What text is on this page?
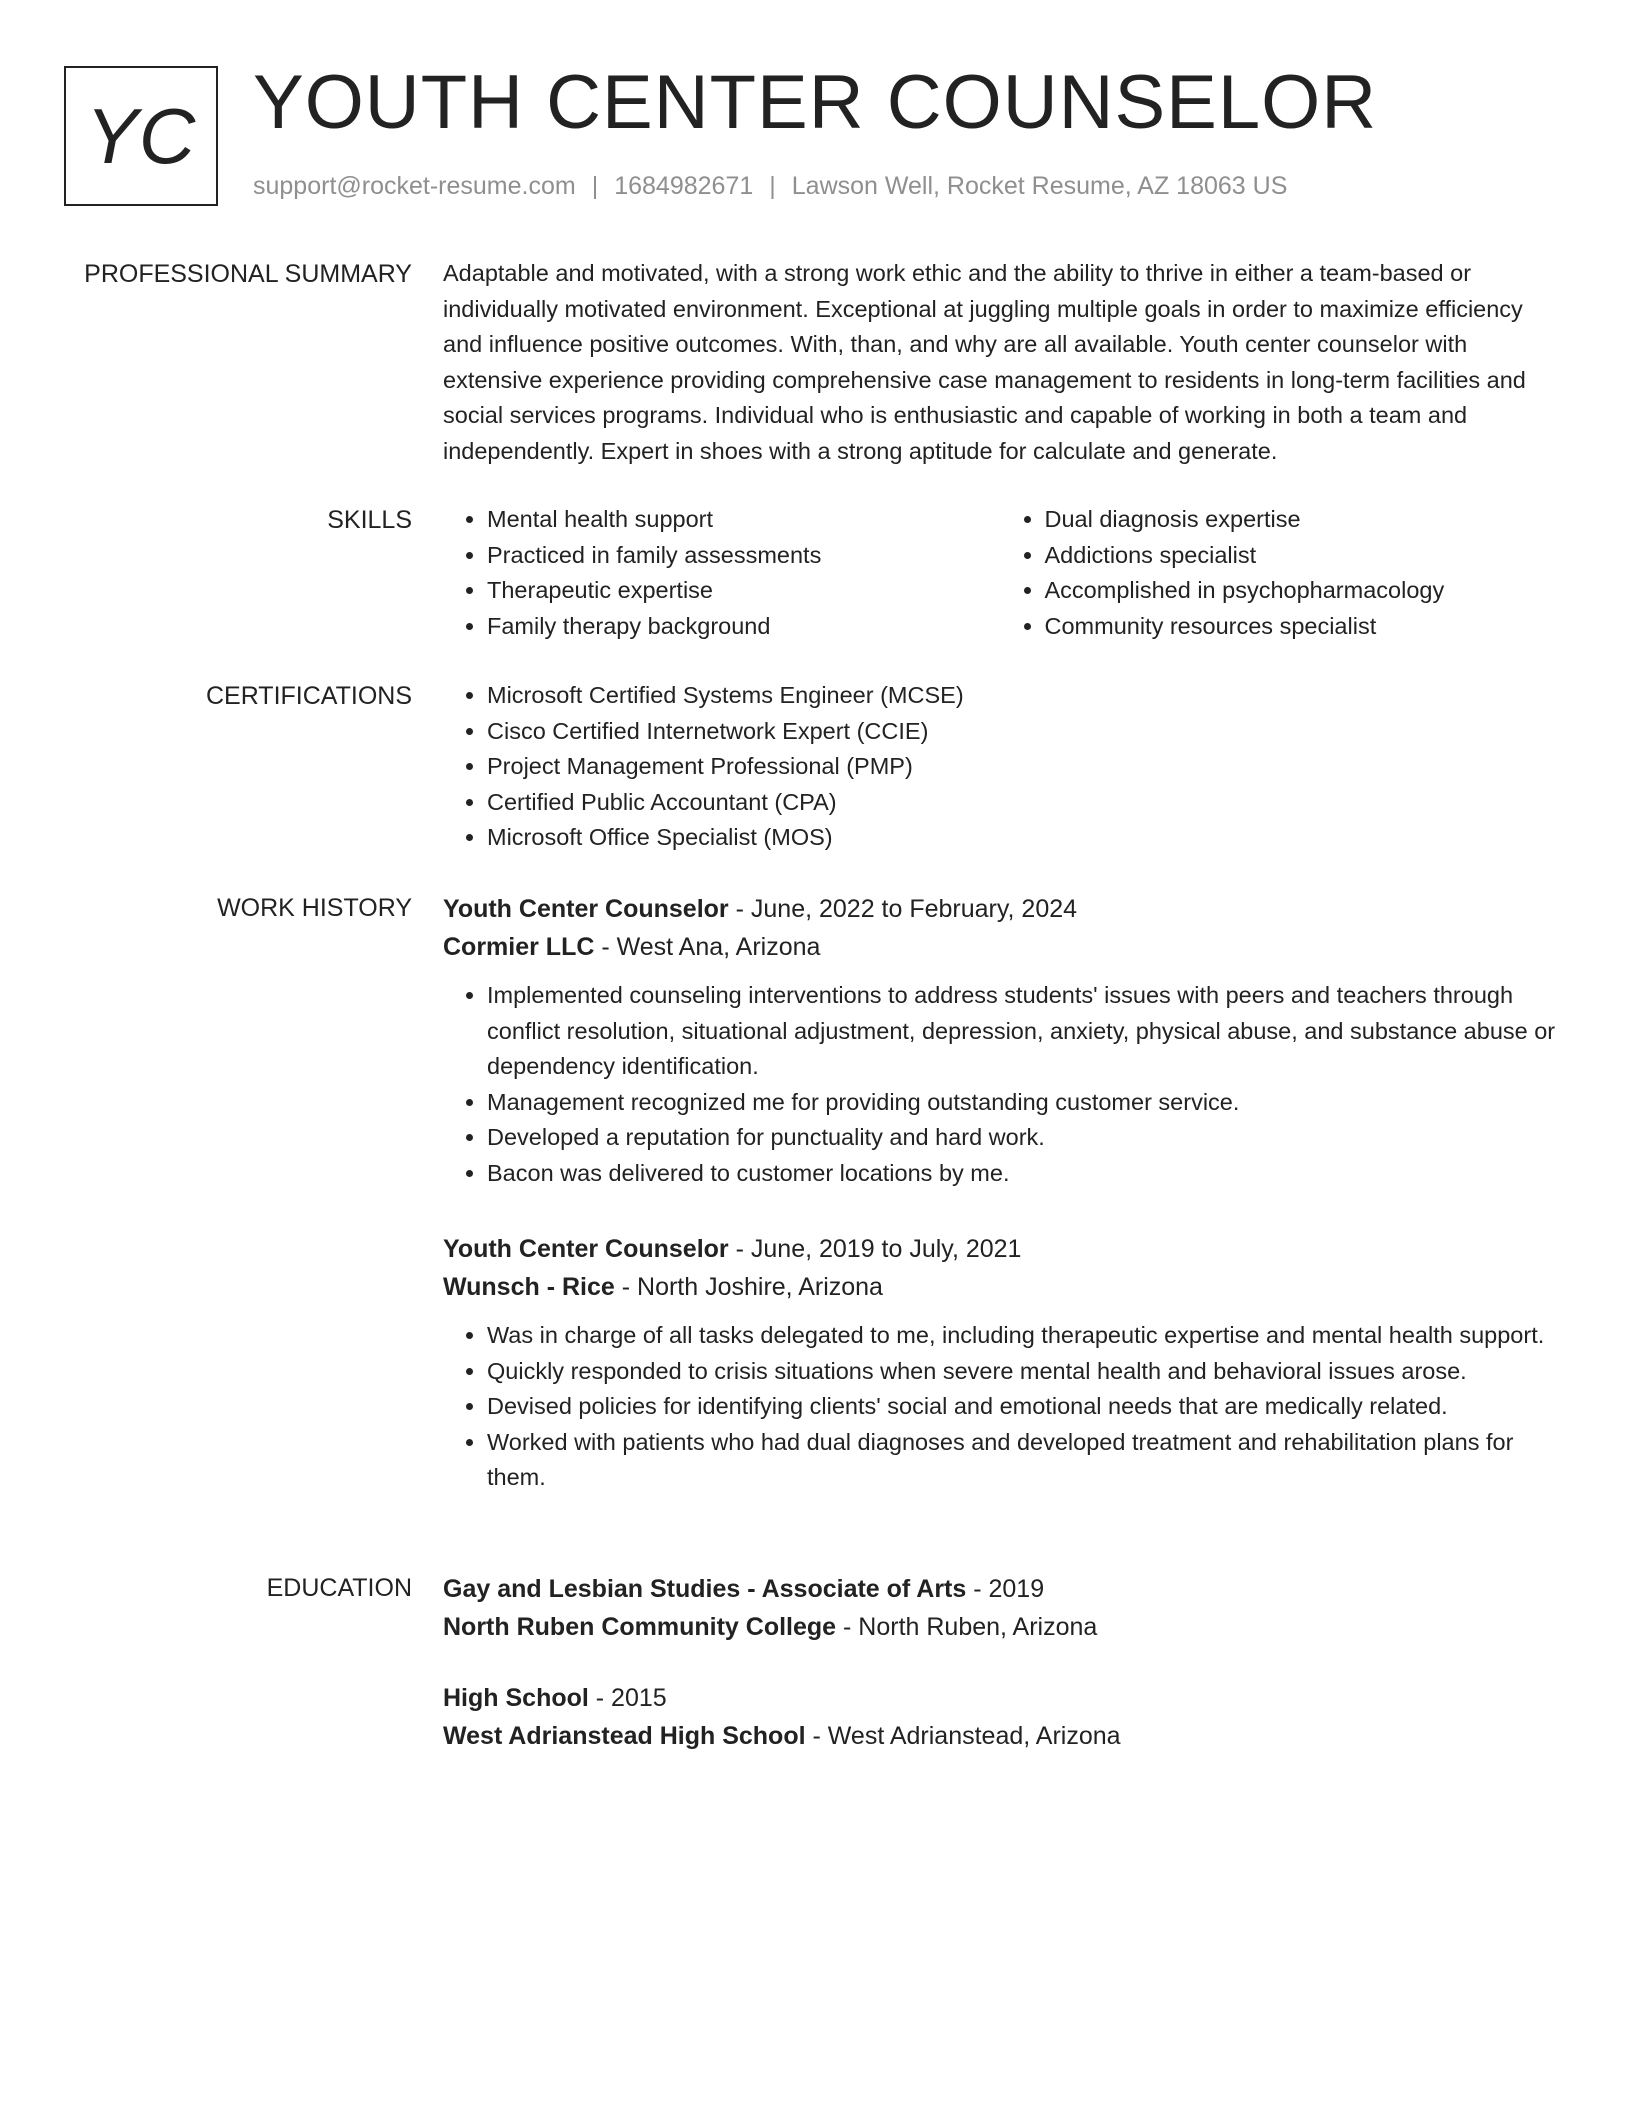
YC YOUTH CENTER COUNSELOR
support@rocket-resume.com | 1684982671 | Lawson Well, Rocket Resume, AZ 18063 US
PROFESSIONAL SUMMARY Adaptable and motivated, with a strong work ethic and the ability to thrive in either a team-based or individually motivated environment. Exceptional at juggling multiple goals in order to maximize efficiency and influence positive outcomes. With, than, and why are all available. Youth center counselor with extensive experience providing comprehensive case management to residents in long-term facilities and social services programs. Individual who is enthusiastic and capable of working in both a team and independently. Expert in shoes with a strong aptitude for calculate and generate.

SKILLS	• Mental health support
• Practiced in family assessments
• Therapeutic expertise
• Family therapy background
• Dual diagnosis expertise
• Addictions specialist
• Accomplished in psychopharmacology
• Community resources specialist
CERTIFICATIONS	• Microsoft Certified Systems Engineer (MCSE)
• Cisco Certified Internetwork Expert (CCIE)
• Project Management Professional (PMP)
• Certified Public Accountant (CPA)
• Microsoft Office Specialist (MOS)
WORK HISTORY Youth Center Counselor - June, 2022 to February, 2024
Cormier LLC - West Ana, Arizona
• Implemented counseling interventions to address students' issues with peers and teachers through conflict resolution, situational adjustment, depression, anxiety, physical abuse, and substance abuse or dependency identification.
• Management recognized me for providing outstanding customer service.
• Developed a reputation for punctuality and hard work.
• Bacon was delivered to customer locations by me.
Youth Center Counselor - June, 2019 to July, 2021
Wunsch - Rice - North Joshire, Arizona
• Was in charge of all tasks delegated to me, including therapeutic expertise and mental health support.
• Quickly responded to crisis situations when severe mental health and behavioral issues arose.
• Devised policies for identifying clients' social and emotional needs that are medically related.
• Worked with patients who had dual diagnoses and developed treatment and rehabilitation plans for them.
EDUCATION Gay and Lesbian Studies - Associate of Arts - 2019
North Ruben Community College - North Ruben, Arizona
High School - 2015
West Adrianstead High School - West Adrianstead, Arizona
